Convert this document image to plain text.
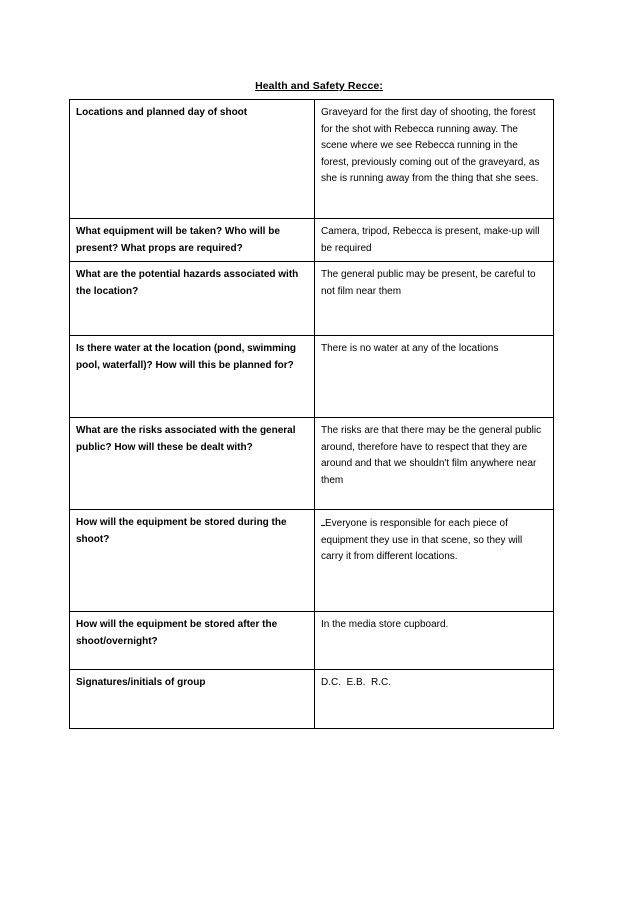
Health and Safety Recce:
Locations and planned day of shoot	Graveyard for the first day of shooting, the forest for the shot with Rebecca running away. The scene where we see Rebecca running in the forest, previously coming out of the graveyard, as she is running away from the thing that she sees.
What equipment will be taken? Who will be present? What props are required?	Camera, tripod, Rebecca is present, make-up will be required
What are the potential hazards associated with the location?	The general public may be present, be careful to not film near them
Is there water at the location (pond, swimming pool, waterfall)? How will this be planned for?	There is no water at any of the locations
What are the risks associated with the general public? How will these be dealt with?	The risks are that there may be the general public around, therefore have to respect that they are around and that we shouldn't film anywhere near them
How will the equipment be stored during the shoot?	Everyone is responsible for each piece of equipment they use in that scene, so they will carry it from different locations.
How will the equipment be stored after the shoot/overnight?	In the media store cupboard.
Signatures/initials of group	D.C.  E.B.  R.C.
